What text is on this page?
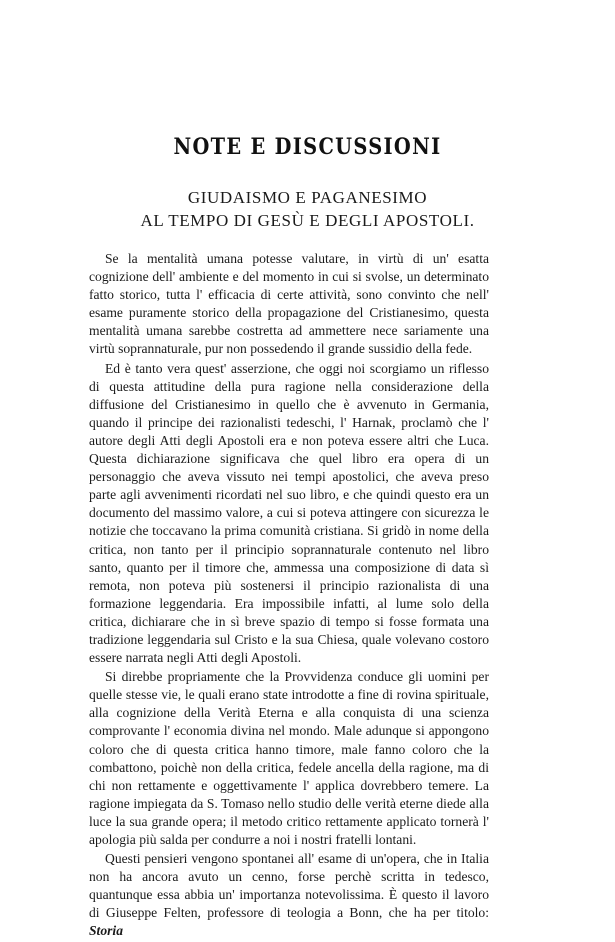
NOTE E DISCUSSIONI
GIUDAISMO E PAGANESIMO
AL TEMPO DI GESÙ E DEGLI APOSTOLI.

Se la mentalità umana potesse valutare, in virtù di un' esatta cognizione dell' ambiente e del momento in cui si svolse, un determinato fatto storico, tutta l' efficacia di certe attività, sono convinto che nell' esame puramente storico della propagazione del Cristianesimo, questa mentalità umana sarebbe costretta ad ammettere nece sariamente una virtù soprannaturale, pur non possedendo il grande sussidio della fede.

Ed è tanto vera quest' asserzione, che oggi noi scorgiamo un riflesso di questa attitudine della pura ragione nella considerazione della diffusione del Cristianesimo in quello che è avvenuto in Germania, quando il principe dei razionalisti tedeschi, l' Harnak, proclamò che l' autore degli Atti degli Apostoli era e non poteva essere altri che Luca. Questa dichiarazione significava che quel libro era opera di un personaggio che aveva vissuto nei tempi apostolici, che aveva preso parte agli avvenimenti ricordati nel suo libro, e che quindi questo era un documento del massimo valore, a cui si poteva attingere con sicurezza le notizie che toccavano la prima comunità cristiana. Si gridò in nome della critica, non tanto per il principio soprannaturale contenuto nel libro santo, quanto per il timore che, ammessa una composizione di data sì remota, non poteva più sostenersi il principio razionalista di una formazione leggendaria. Era impossibile infatti, al lume solo della critica, dichiarare che in sì breve spazio di tempo si fosse formata una tradizione leggendaria sul Cristo e la sua Chiesa, quale volevano costoro essere narrata negli Atti degli Apostoli.

Si direbbe propriamente che la Provvidenza conduce gli uomini per quelle stesse vie, le quali erano state introdotte a fine di rovina spirituale, alla cognizione della Verità Eterna e alla conquista di una scienza comprovante l' economia divina nel mondo. Male adunque si appongono coloro che di questa critica hanno timore, male fanno coloro che la combattono, poichè non della critica, fedele ancella della ragione, ma di chi non rettamente e oggettivamente l' applica dovrebbero temere. La ragione impiegata da S. Tomaso nello studio delle verità eterne diede alla luce la sua grande opera; il metodo critico rettamente applicato tornerà l' apologia più salda per condurre a noi i nostri fratelli lontani.

Questi pensieri vengono spontanei all' esame di un'opera, che in Italia non ha ancora avuto un cenno, forse perchè scritta in tedesco, quantunque essa abbia un' importanza notevolissima. È questo il lavoro di Giuseppe Felten, professore di teologia a Bonn, che ha per titolo: Storia
